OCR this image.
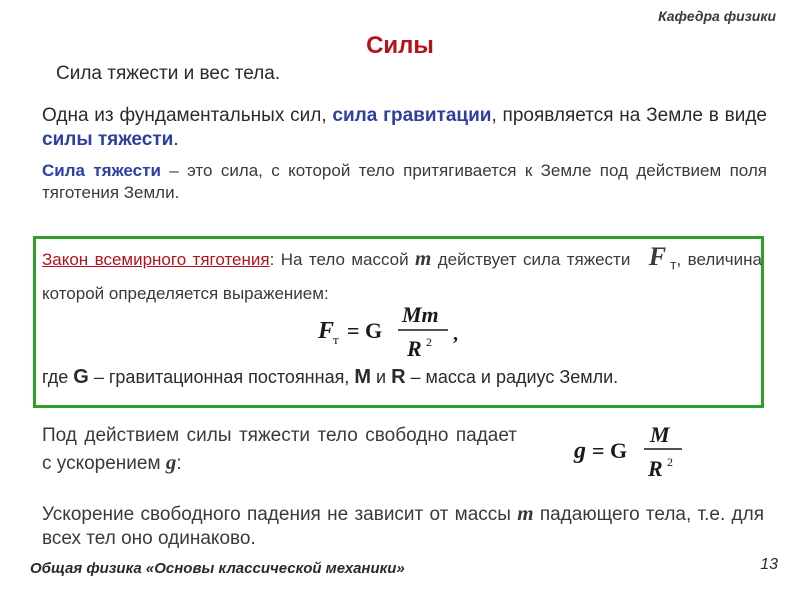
Кафедра физики
Силы
Сила тяжести и вес тела.
Одна из фундаментальных сил, сила гравитации, проявляется на Земле в виде силы тяжести.
Сила тяжести – это сила, с которой тело притягивается к Земле под действием поля тяготения Земли.
Закон всемирного тяготения: На тело массой m действует сила тяжести F $_т$, величина которой определяется выражением:
F
т = G
Mm
R 2 ,
где G – гравитационная постоянная, M и R – масса и радиус Земли.
Под действием силы тяжести тело свободно падает с ускорением g:	g = G
M
R 2
Ускорение свободного падения не зависит от массы m падающего тела, т.е. для всех тел оно одинаково.
Общая физика «Основы классической механики»	13
